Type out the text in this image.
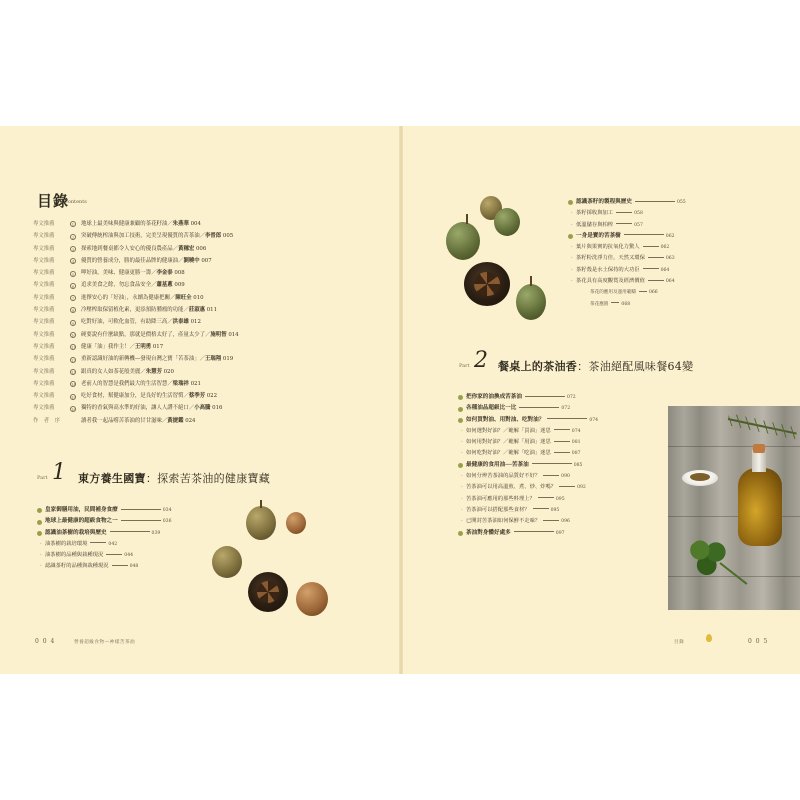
目錄
Contents
專文推薦	1	地球上最美味與健康兼顧的茶花籽油／朱燕華 004
專文推薦	2	突破傳統榨油與加工技術，完美呈現優質的苦茶油／李晉郎 005
專文推薦	3	探索地到餐桌都令人安心的優良農產品／黃穗宏 006
專文推薦	4	優質的營養成分，勝的最佳品牌的健康油／劉曉中 007
專文推薦	5	呷好油，美味、健康更勝一籌／李金泰 008
專文推薦	6	追求美食之餘，勿忘食品安全／蕭基蔥 009
專文推薦	7	進擇安心的「好油」，永續為健康把關／陳旺全 010
專文推薦	8	冷壓榨取保留植化素，更添預防腫瘤的功能／莊淑惠 011
專文推薦	9	吃對好油，可軟化血管，有助降三高／洪泰雄 012
專文推薦	10 硬要說有什麼缺點，那就是價格太好了，產量太少了／施明智 014
專文推薦	11 健康「油」我作主！／王明勇 017
專文推薦	12 重新認識好油的新轉機—發現台灣之寶「苦茶油」／王瑞翔 019
專文推薦	13 跟真的女人如茶花般美麗／朱慧芳 020
專文推薦	14 老前人的智慧是我們最大的生活智慧／梁瑞祥 021
專文推薦	15 吃好食材，幫健康加分，是良好的生活習慣／蔡季芳 022
專文推薦	16 獨特的香氣與高水準的好油，讓人人讚不絕口／小高騰 016
作　者　序	讀者我一起品嚐苦茶油的甘甘滋味／黃捷鑑 024
Part 1 東方養生國寶：探索苦茶油的健康寶藏
皇家御膳用油，民間補身食療	034
地球上最健康的超級食物之一	036
認識油茶樹的栽培與歷史	039
· 油茶樹的栽培環境	042
· 油茶樹的品種與栽種現況	044
· 認識茶籽的品種與栽種現況	048
0 0 4	營養超級食物—神樣苦茶油
認識茶籽的製程與歷史	055
· 茶籽採收與加工	058
· 低溫儲存與柏榨	057
一身是寶的苦茶樹	062
· 葉片與果實的抗氧化力驚人	062
· 茶籽粉洗淨力佳，天然又環保	063
· 茶籽殼是水土保持的大功臣	064
· 茶花具有高度觀賞及經濟價值	064
茶花的應用及運用範疇	066
茶花應園	068
Part 2 餐桌上的茶油香：茶油絕配風味餐64變
把你家的油換成苦茶油	072
各種油品超級比一比	072
如何買對油、用對油、吃對油？	074
· 如何選對好油？／範解「買油」迷思	074
· 如何用對好油？／範解「用油」迷思	081
· 如何吃對好油？／範解「吃油」迷思	087
最健康的食用油──苦茶油	085
· 如何分辨苦茶油的品質好不好？	090
· 苦茶油可以用高溫煎、煮、炒、炸嗎？	092
· 苦茶油可應用的那些料理上？	095
· 苦茶油可以搭配那些食材？	095
· 已開封苦茶油如何保鮮不走味？	096
茶油對身體好處多	097
目錄	0 0 5
